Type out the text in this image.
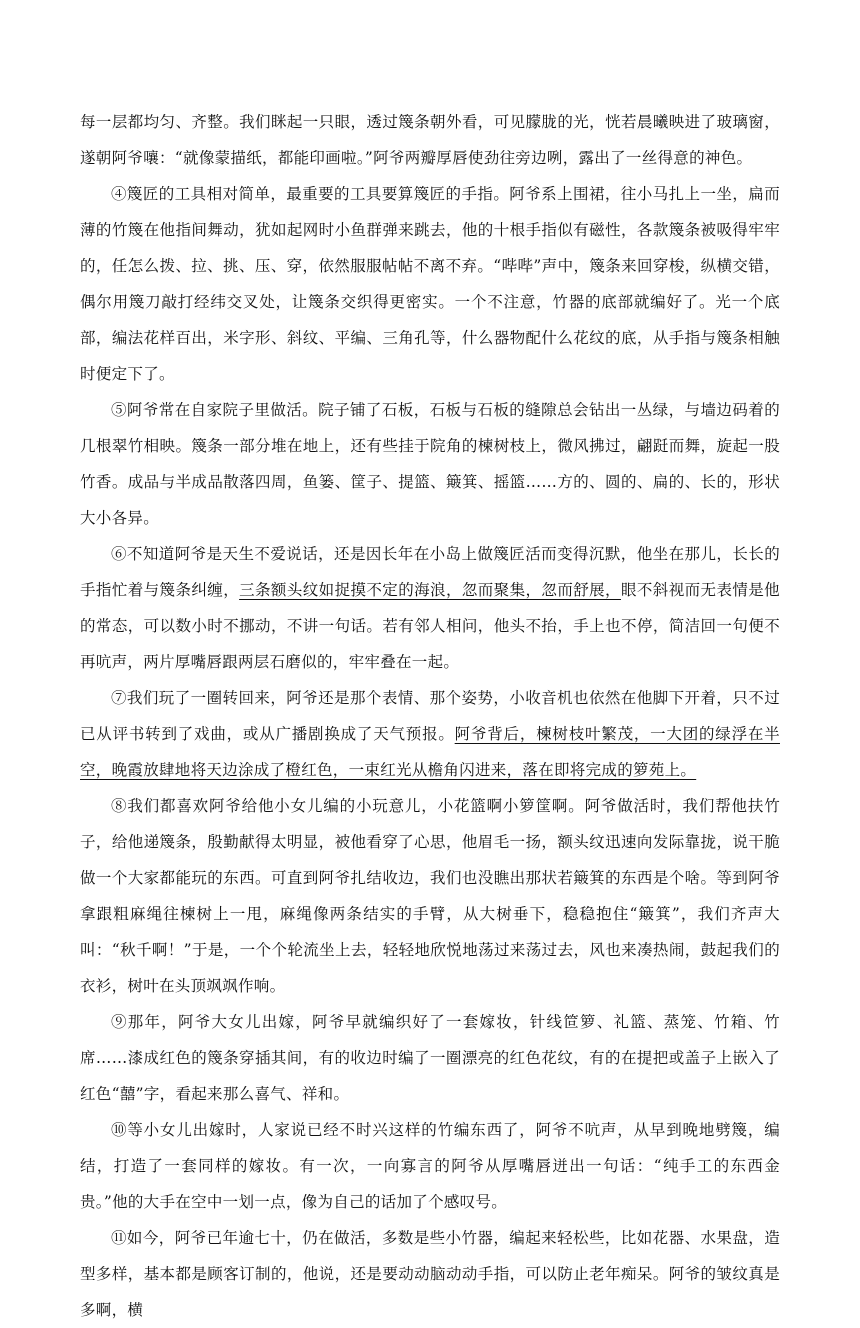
每一层都均匀、齐整。我们眯起一只眼，透过篾条朝外看，可见朦胧的光，恍若晨曦映进了玻璃窗，遂朝阿爷嚷：“就像蒙描纸，都能印画啦。”阿爷两瓣厚唇使劲往旁边咧，露出了一丝得意的神色。

④篾匠的工具相对简单，最重要的工具要算篾匠的手指。阿爷系上围裙，往小马扎上一坐，扁而薄的竹篾在他指间舞动，犹如起网时小鱼群弹来跳去，他的十根手指似有磁性，各款篾条被吸得牢牢的，任怎么拨、拉、挑、压、穿，依然服服帖帖不离不弃。“哔哔”声中，篾条来回穿梭，纵横交错，偶尔用篾刀敲打经纬交叉处，让篾条交织得更密实。一个不注意，竹器的底部就编好了。光一个底部，编法花样百出，米字形、斜纹、平编、三角孔等，什么器物配什么花纹的底，从手指与篾条相触时便定下了。

⑤阿爷常在自家院子里做活。院子铺了石板，石板与石板的缝隙总会钻出一丛绿，与墙边码着的几根翠竹相映。篾条一部分堆在地上，还有些挂于院角的楝树枝上，微风拂过，翩跹而舞，旋起一股竹香。成品与半成品散落四周，鱼篓、筐子、提篮、簸箕、摇篮……方的、圆的、扁的、长的，形状大小各异。

⑥不知道阿爷是天生不爱说话，还是因长年在小岛上做篾匠活而变得沉默，他坐在那儿，长长的手指忙着与篾条纠缠，三条额头纹如捉摸不定的海浪，忽而聚集，忽而舒展，眼不斜视而无表情是他的常态，可以数小时不挪动，不讲一句话。若有邻人相问，他头不抬，手上也不停，简洁回一句便不再吭声，两片厚嘴唇跟两层石磨似的，牢牢叠在一起。

⑦我们玩了一圈转回来，阿爷还是那个表情、那个姿势，小收音机也依然在他脚下开着，只不过已从评书转到了戏曲，或从广播剧换成了天气预报。阿爷背后，楝树枝叶繁茂，一大团的绿浮在半空，晚霞放肆地将天边涂成了橙红色，一束红光从檐角闪进来，落在即将完成的箩苑上。

⑧我们都喜欢阿爷给他小女儿编的小玩意儿，小花篮啊小箩筐啊。阿爷做活时，我们帮他扶竹子，给他递篾条，殷勤献得太明显，被他看穿了心思，他眉毛一扬，额头纹迅速向发际靠拢，说干脆做一个大家都能玩的东西。可直到阿爷扎结收边，我们也没瞧出那状若簸箕的东西是个啥。等到阿爷拿跟粗麻绳往楝树上一甩，麻绳像两条结实的手臂，从大树垂下，稳稳抱住“簸箕”，我们齐声大叫：“秋千啊！”于是，一个个轮流坐上去，轻轻地欣悦地荡过来荡过去，风也来凑热闹，鼓起我们的衣衫，树叶在头顶飒飒作响。

⑨那年，阿爷大女儿出嫁，阿爷早就编织好了一套嫁妆，针线笸箩、礼篮、蒸笼、竹箱、竹席……漆成红色的篾条穿插其间，有的收边时编了一圈漂亮的红色花纹，有的在提把或盖子上嵌入了红色“囍”字，看起来那么喜气、祥和。

⑩等小女儿出嫁时，人家说已经不时兴这样的竹编东西了，阿爷不吭声，从早到晚地劈篾，编结，打造了一套同样的嫁妆。有一次，一向寡言的阿爷从厚嘴唇迸出一句话：“纯手工的东西金贵。”他的大手在空中一划一点，像为自己的话加了个感叹号。

⑪如今，阿爷已年逾七十，仍在做活，多数是些小竹器，编起来轻松些，比如花器、水果盘，造型多样，基本都是顾客订制的，他说，还是要动动脑动动手指，可以防止老年痴呆。阿爷的皱纹真是多啊，横
